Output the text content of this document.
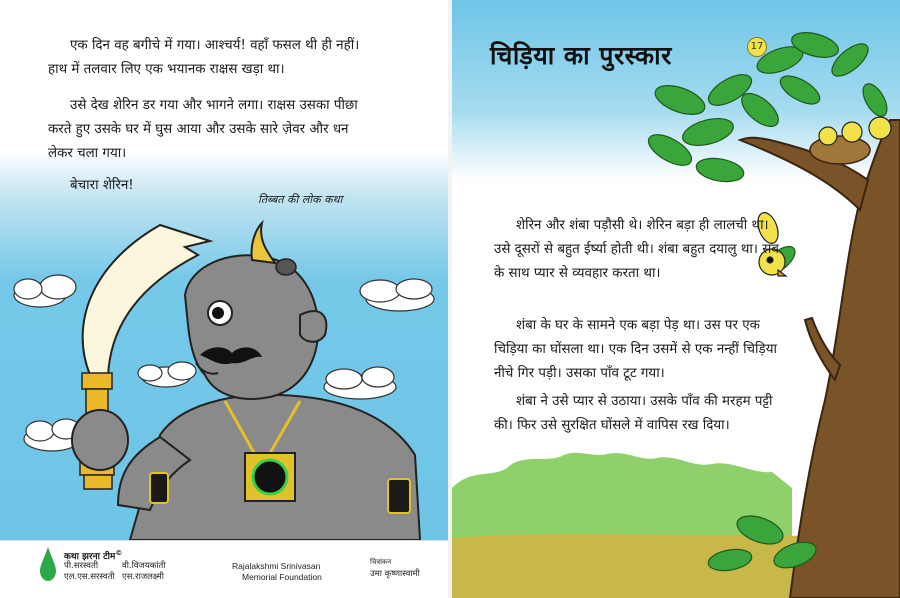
एक दिन वह बगीचे में गया। आश्चर्य! वहाँ फसल थी ही नहीं। हाथ में तलवार लिए एक भयानक राक्षस खड़ा था।

उसे देख शेरिन डर गया और भागने लगा। राक्षस उसका पीछा करते हुए उसके घर में घुस आया और उसके सारे ज़ेवर और धन लेकर चला गया।

बेचारा शेरिन!

तिब्बत की लोक कथा
कथा झरना टीम©
पी.सरस्वती	वी.विजयकांती
एल.एस.सरस्वती एस.राजलक्ष्मी
Rajalakshmi Srinivasan
Memorial Foundation
चित्रांकन
उमा कृष्णास्वामी
चिड़िया का पुरस्कार	17

शेरिन और शंबा पड़ौसी थे। शेरिन बड़ा ही लालची था। उसे दूसरों से बहुत ईर्ष्या होती थी। शंबा बहुत दयालु था। सब के साथ प्यार से व्यवहार करता था।

शंबा के घर के सामने एक बड़ा पेड़ था। उस पर एक चिड़िया का घोंसला था। एक दिन उसमें से एक नन्हीं चिड़िया नीचे गिर पड़ी। उसका पाँव टूट गया।

शंबा ने उसे प्यार से उठाया। उसके पाँव की मरहम पट्टी की। फिर उसे सुरक्षित घोंसले में वापिस रख दिया।
